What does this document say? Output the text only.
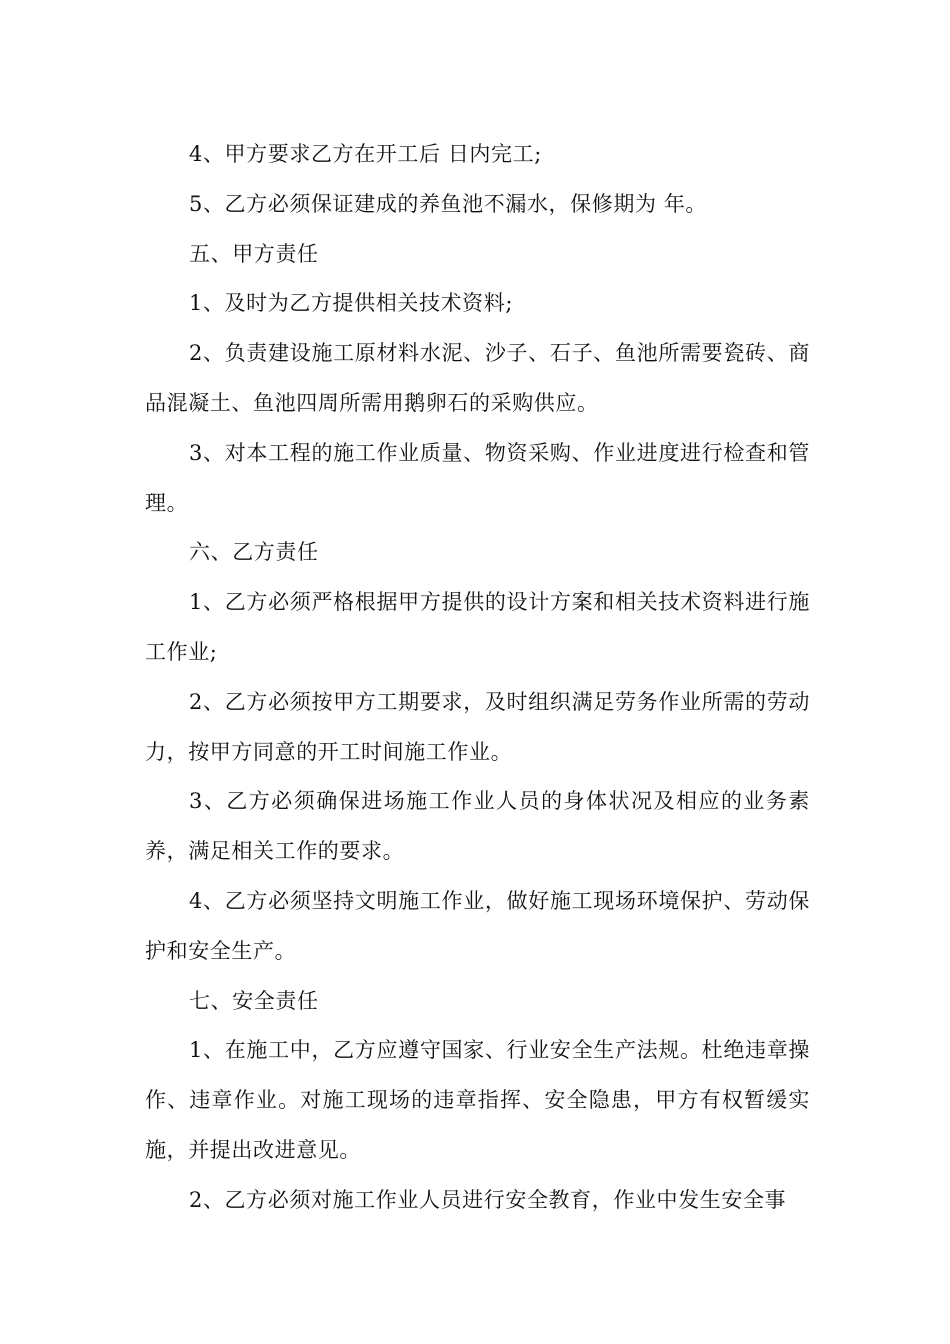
4、甲方要求乙方在开工后 日内完工;

5、乙方必须保证建成的养鱼池不漏水，保修期为 年。

五、甲方责任

1、及时为乙方提供相关技术资料;

2、负责建设施工原材料水泥、沙子、石子、鱼池所需要瓷砖、商品混凝土、鱼池四周所需用鹅卵石的采购供应。

3、对本工程的施工作业质量、物资采购、作业进度进行检查和管理。

六、乙方责任

1、乙方必须严格根据甲方提供的设计方案和相关技术资料进行施工作业;

2、乙方必须按甲方工期要求，及时组织满足劳务作业所需的劳动力，按甲方同意的开工时间施工作业。

3、乙方必须确保进场施工作业人员的身体状况及相应的业务素养，满足相关工作的要求。

4、乙方必须坚持文明施工作业，做好施工现场环境保护、劳动保护和安全生产。

七、安全责任

1、在施工中，乙方应遵守国家、行业安全生产法规。杜绝违章操作、违章作业。对施工现场的违章指挥、安全隐患，甲方有权暂缓实施，并提出改进意见。

2、乙方必须对施工作业人员进行安全教育，作业中发生安全事
